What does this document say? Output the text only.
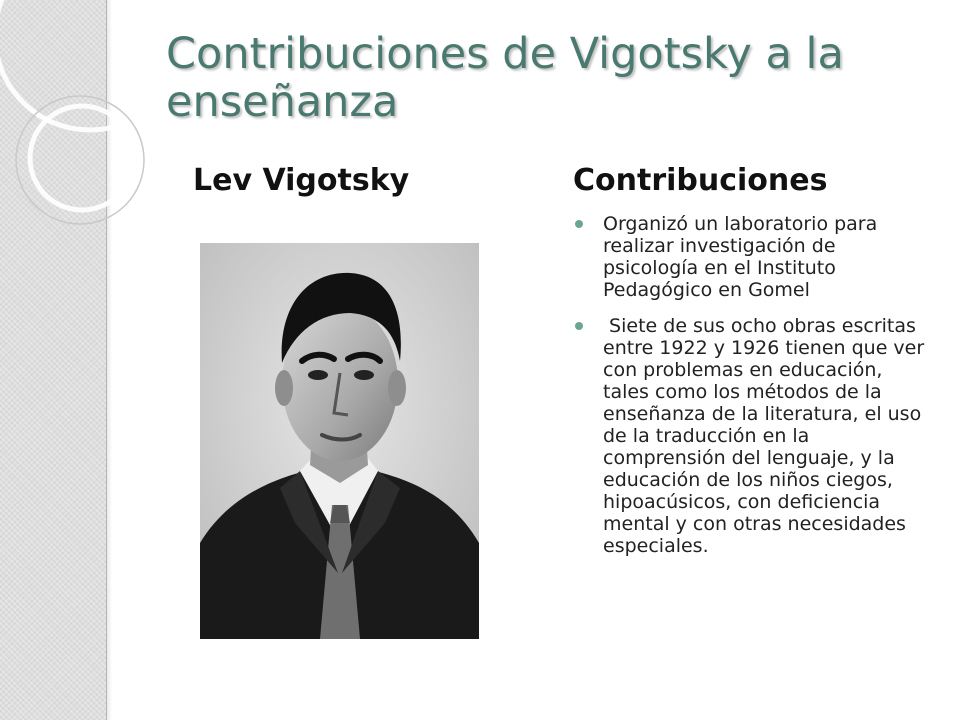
Contribuciones de Vigotsky a la enseñanza
Lev Vigotsky	Contribuciones
Organizó un laboratorio para realizar investigación de psicología en el Instituto Pedagógico en Gomel
Siete de sus ocho obras escritas entre 1922 y 1926 tienen que ver con problemas en educación, tales como los métodos de la enseñanza de la literatura, el uso de la traducción en la comprensión del lenguaje, y la educación de los niños ciegos, hipoacúsicos, con deficiencia mental y con otras necesidades especiales.
